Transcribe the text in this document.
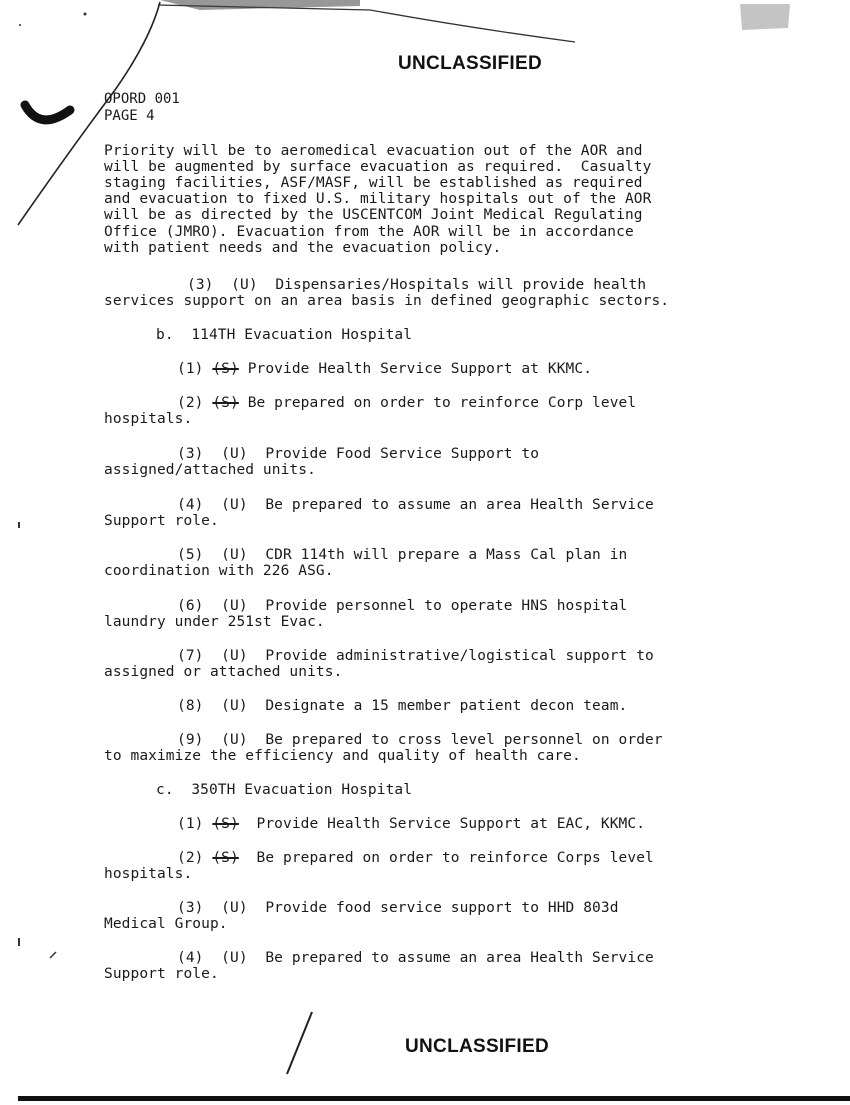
UNCLASSIFIED
OPORD 001
PAGE 4
Priority will be to aeromedical evacuation out of the AOR and
will be augmented by surface evacuation as required.  Casualty
staging facilities, ASF/MASF, will be established as required
and evacuation to fixed U.S. military hospitals out of the AOR
will be as directed by the USCENTCOM Joint Medical Regulating
Office (JMRO). Evacuation from the AOR will be in accordance
with patient needs and the evacuation policy.
(3) (U) Dispensaries/Hospitals will provide health
services support on an area basis in defined geographic sectors.
b.  114TH Evacuation Hospital
(1) (S) Provide Health Service Support at KKMC.
(2) (S) Be prepared on order to reinforce Corp level
hospitals.
(3) (U) Provide Food Service Support to
assigned/attached units.
(4) (U) Be prepared to assume an area Health Service
Support role.
(5) (U) CDR 114th will prepare a Mass Cal plan in
coordination with 226 ASG.
(6) (U) Provide personnel to operate HNS hospital
laundry under 251st Evac.
(7) (U) Provide administrative/logistical support to
assigned or attached units.
(8) (U) Designate a 15 member patient decon team.
(9) (U) Be prepared to cross level personnel on order
to maximize the efficiency and quality of health care.
c.  350TH Evacuation Hospital
(1) (S) Provide Health Service Support at EAC, KKMC.
(2) (S) Be prepared on order to reinforce Corps level
hospitals.
(3) (U) Provide food service support to HHD 803d
Medical Group.
(4) (U) Be prepared to assume an area Health Service
Support role.
UNCLASSIFIED
